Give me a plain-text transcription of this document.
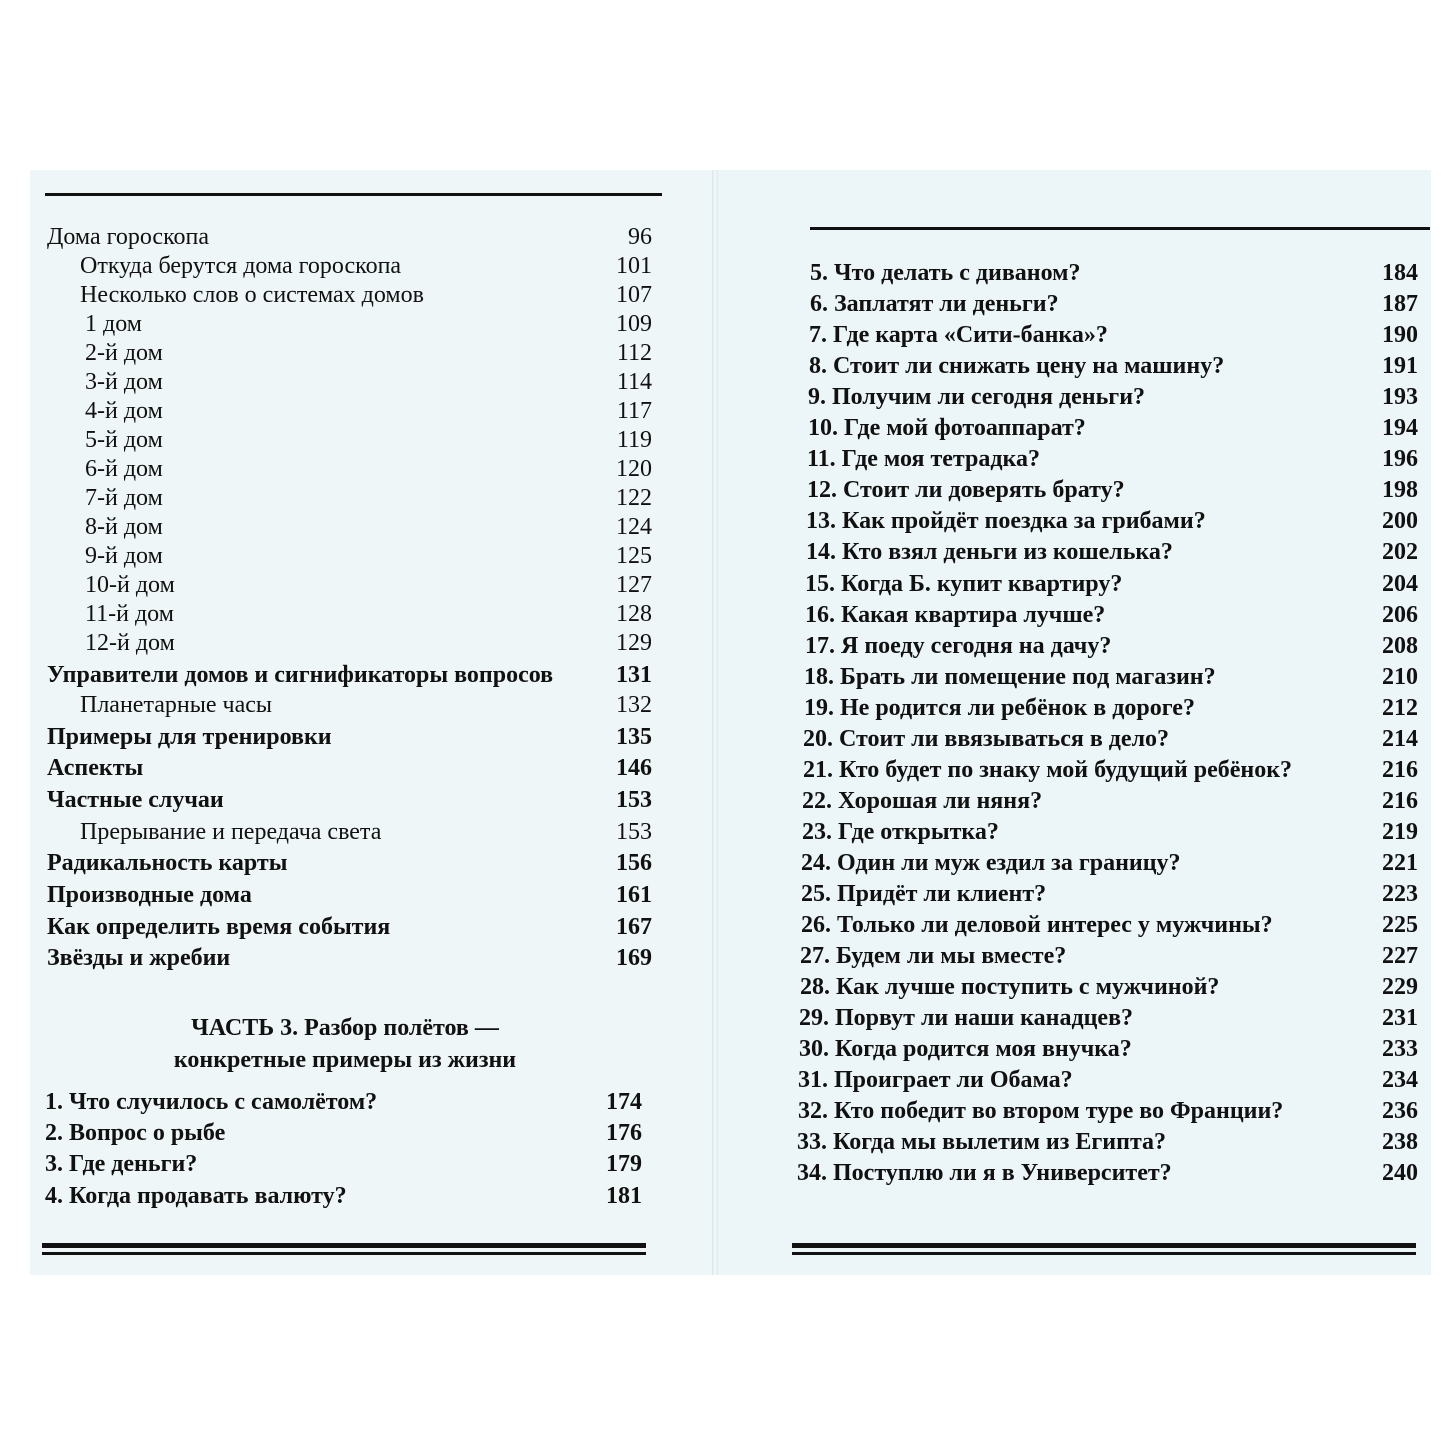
Дома гороскопа	96
Откуда берутся дома гороскопа	101
Несколько слов о системах домов	107
1 дом	109
2-й дом	112
3-й дом	114
4-й дом	117
5-й дом	119
6-й дом	120
7-й дом	122
8-й дом	124
9-й дом	125
10-й дом	127
11-й дом	128
12-й дом	129
Управители домов и сигнификаторы вопросов	131
Планетарные часы	132
Примеры для тренировки	135
Аспекты	146
Частные случаи	153
Прерывание и передача света	153
Радикальность карты	156
Производные дома	161
Как определить время события	167
Звёзды и жребии	169
ЧАСТЬ 3. Разбор полётов —
конкретные примеры из жизни
1. Что случилось с самолётом?	174
2. Вопрос о рыбе	176
3. Где деньги?	179
4. Когда продавать валюту?	181
5. Что делать с диваном?	184
6. Заплатят ли деньги?	187
7. Где карта «Сити-банка»?	190
8. Стоит ли снижать цену на машину?	191
9. Получим ли сегодня деньги?	193
10. Где мой фотоаппарат?	194
11. Где моя тетрадка?	196
12. Стоит ли доверять брату?	198
13. Как пройдёт поездка за грибами?	200
14. Кто взял деньги из кошелька?	202
15. Когда Б. купит квартиру?	204
16. Какая квартира лучше?	206
17. Я поеду сегодня на дачу?	208
18. Брать ли помещение под магазин?	210
19. Не родится ли ребёнок в дороге?	212
20. Стоит ли ввязываться в дело?	214
21. Кто будет по знаку мой будущий ребёнок?	216
22. Хорошая ли няня?	216
23. Где открытка?	219
24. Один ли муж ездил за границу?	221
25. Придёт ли клиент?	223
26. Только ли деловой интерес у мужчины?	225
27. Будем ли мы вместе?	227
28. Как лучше поступить с мужчиной?	229
29. Порвут ли наши канадцев?	231
30. Когда родится моя внучка?	233
31. Проиграет ли Обама?	234
32. Кто победит во втором туре во Франции?	236
33. Когда мы вылетим из Египта?	238
34. Поступлю ли я в Университет?	240
